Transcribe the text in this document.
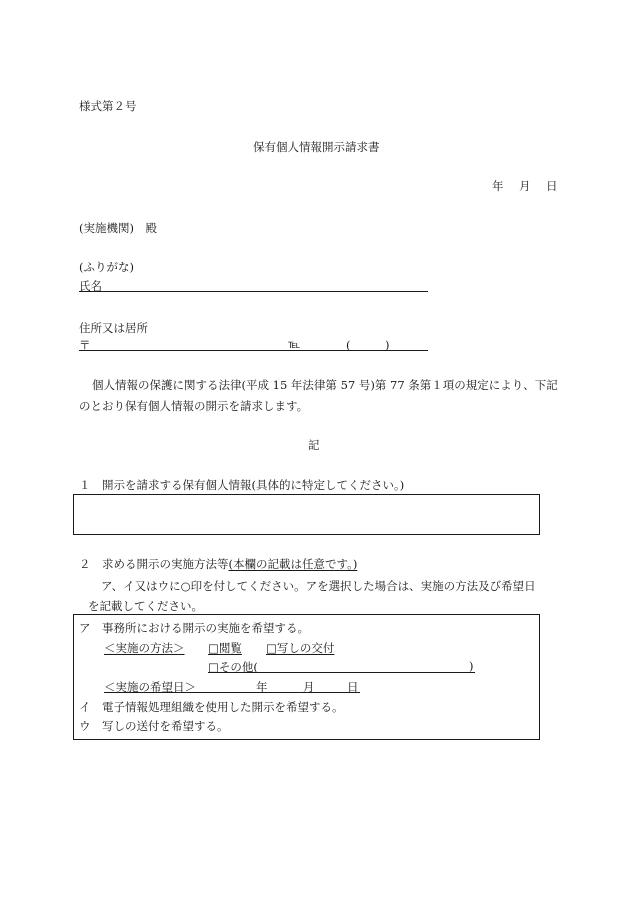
様式第２号
保有個人情報開示請求書
年　月　日
(実施機関)　殿
(ふりがな)
氏名
住所又は居所
〒	℡	(　　　)
個人情報の保護に関する法律(平成 15 年法律第 57 号)第 77 条第１項の規定により、下記
のとおり保有個人情報の開示を請求します。
記
１　開示を請求する保有個人情報(具体的に特定してください。)
２　求める開示の実施方法等(本欄の記載は任意です。)
ア、イ又はウに○印を付してください。アを選択した場合は、実施の方法及び希望日
を記載してください。
ア　事務所における開示の実施を希望する。
＜実施の方法＞ □閲覧 □写しの交付
□その他(	)
＜実施の希望日＞	年	月	日
イ　電子情報処理組織を使用した開示を希望する。
ウ　写しの送付を希望する。
